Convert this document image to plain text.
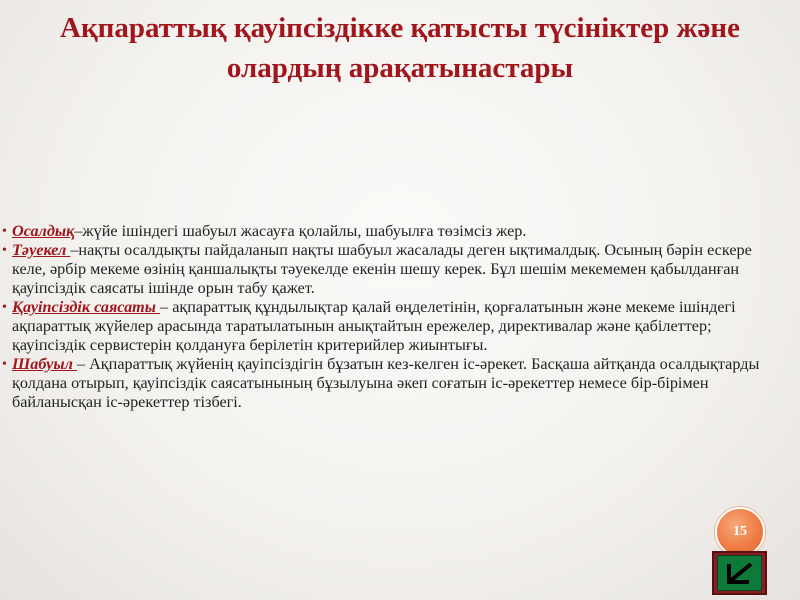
Ақпараттық қауіпсіздікке қатысты түсініктер және
олардың арақатынастары

• Осалдық–жүйе ішіндегі шабуыл жасауға қолайлы, шабуылға төзімсіз жер.

• Тәуекел –нақты осалдықты пайдаланып нақты шабуыл жасалады деген ықтималдық. Осының бәрін ескере келе, әрбір мекеме өзінің қаншалықты тәуекелде екенін шешу керек. Бұл шешім мекемемен қабылданған қауіпсіздік саясаты ішінде орын табу қажет.

• Қауіпсіздік саясаты – ақпараттық құндылықтар қалай өңделетінін, қорғалатынын және мекеме ішіндегі ақпараттық жүйелер арасында таратылатынын анықтайтын ережелер, директивалар және қабілеттер; қауіпсіздік сервистерін қолдануға берілетін критерийлер жиынтығы.

• Шабуыл – Ақпараттық жүйенің қауіпсіздігін бұзатын кез-келген іс-әрекет. Басқаша айтқанда осалдықтарды қолдана отырып, қауіпсіздік саясатынының бұзылуына әкеп соғатын іс-әрекеттер немесе бір-бірімен байланысқан іс-әрекеттер тізбегі.

15
